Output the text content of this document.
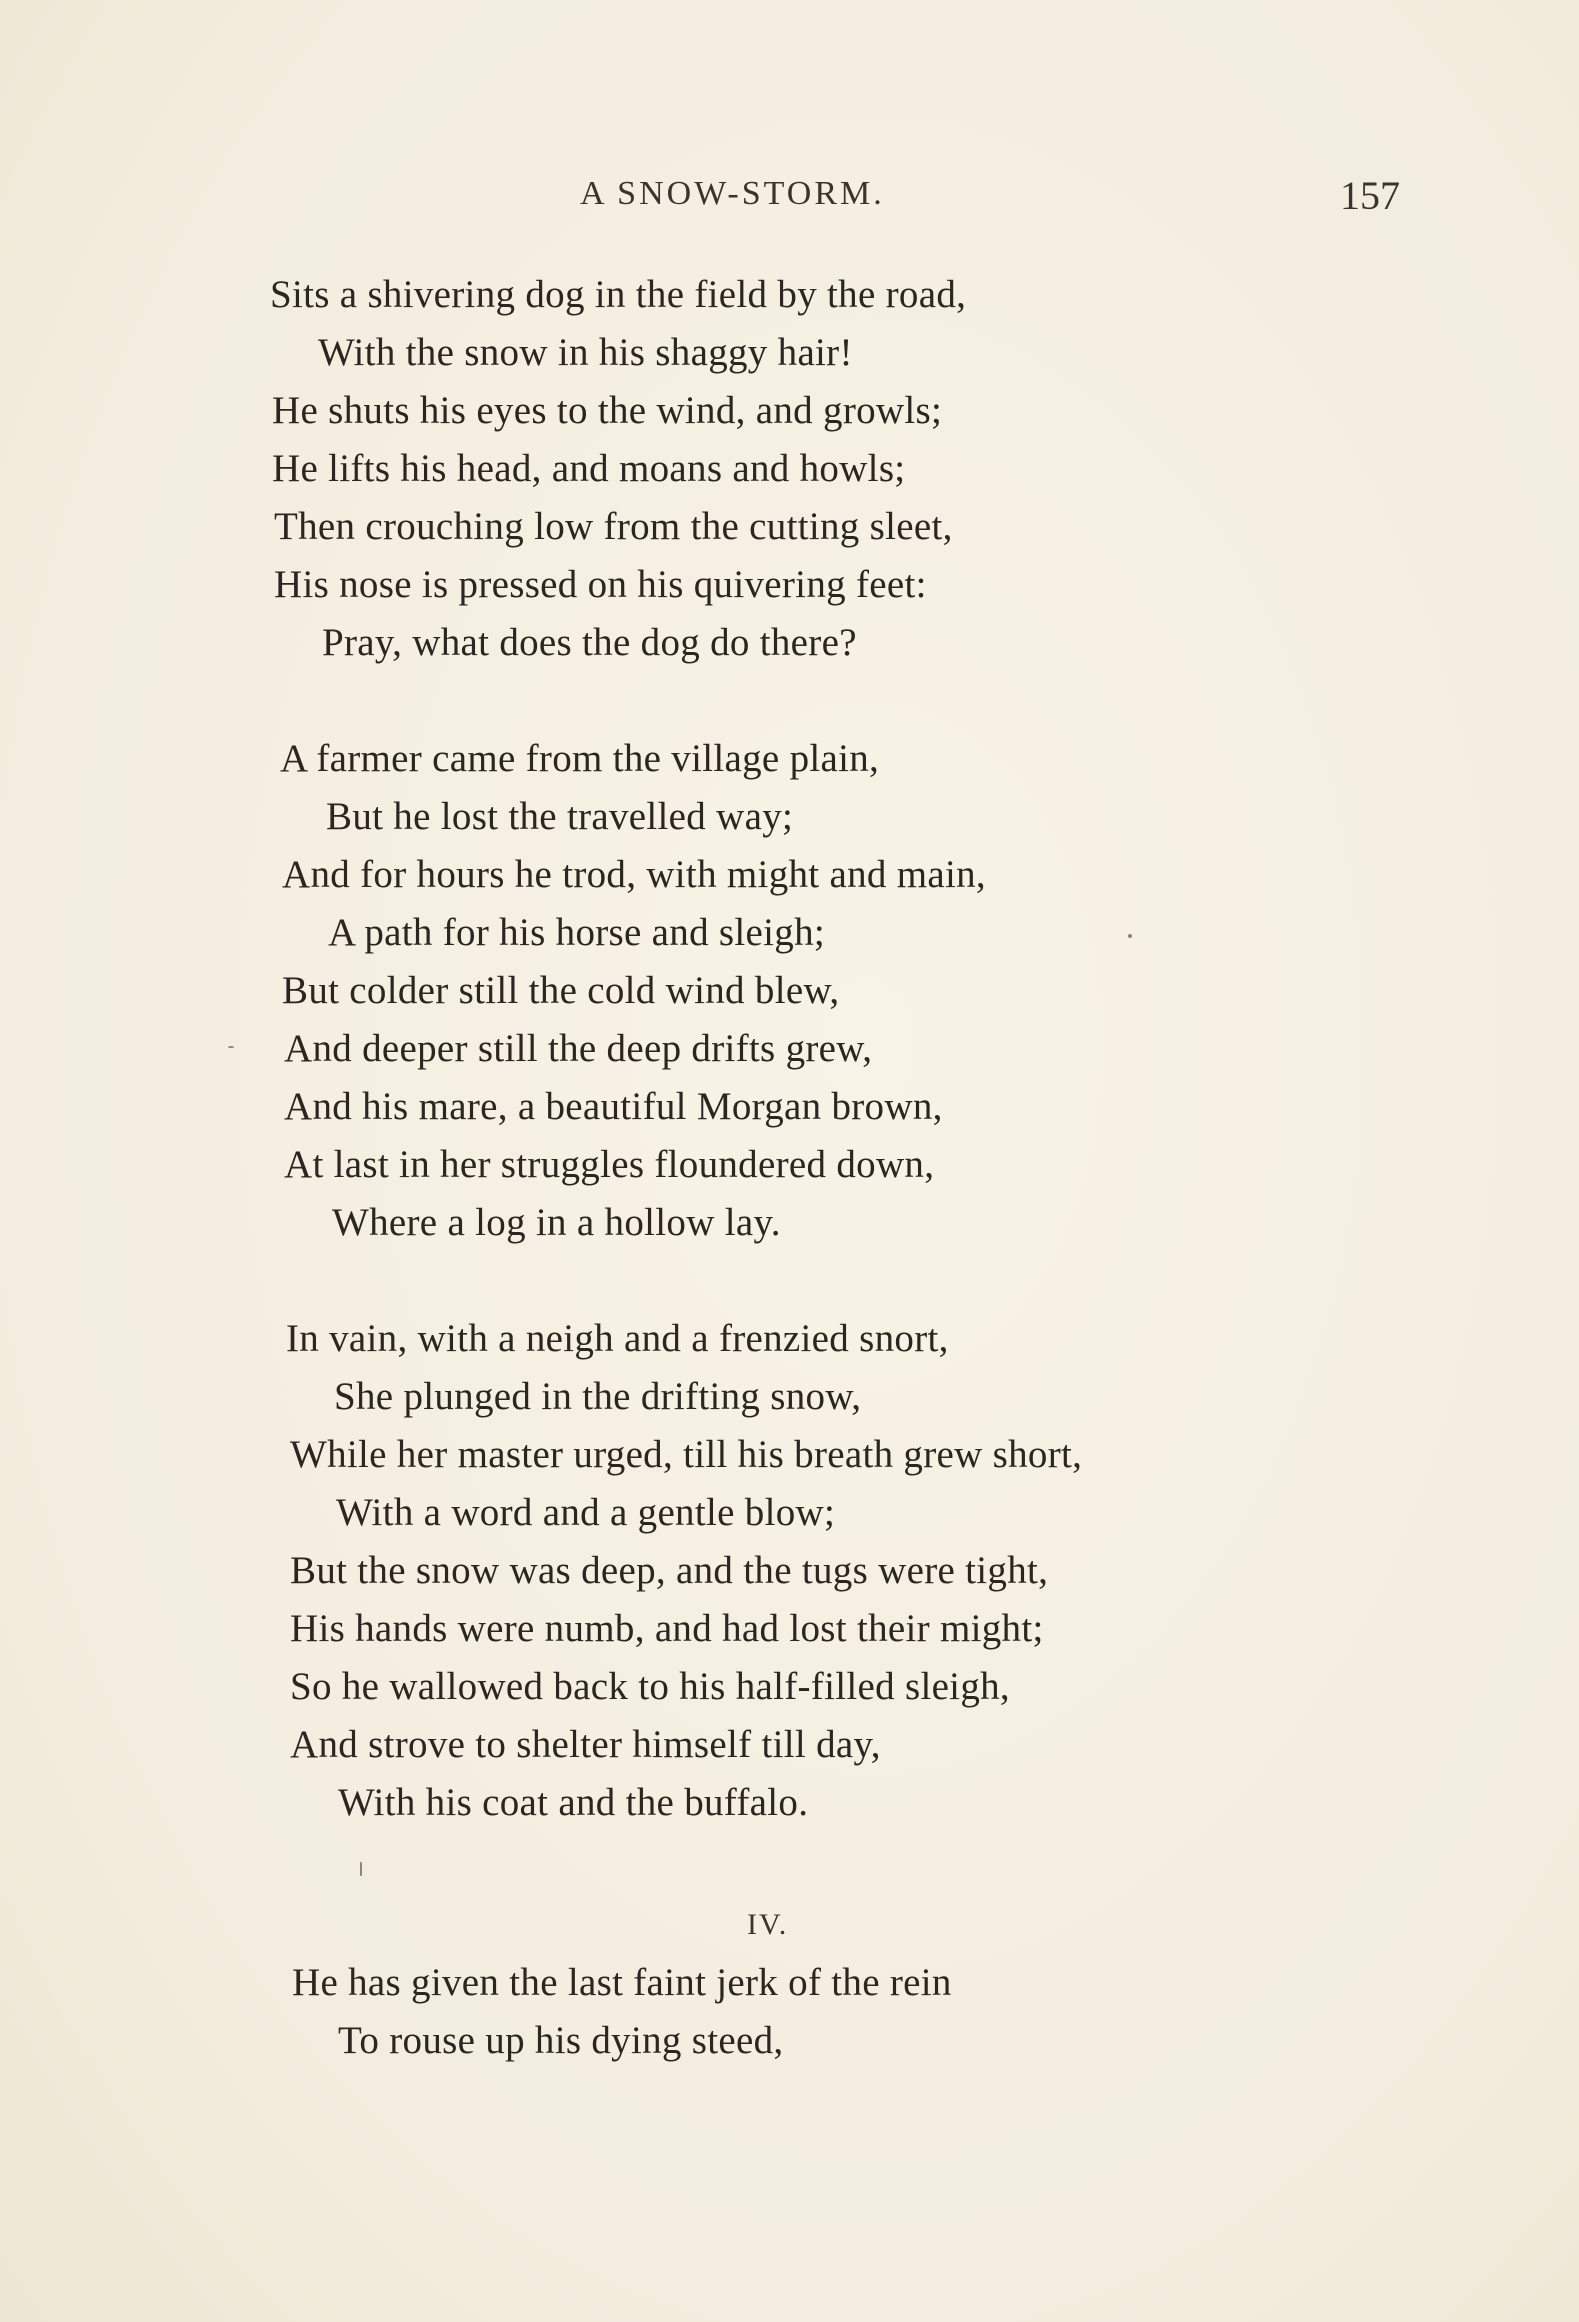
A SNOW-STORM.	157
Sits a shivering dog in the field by the road,
With the snow in his shaggy hair!
He shuts his eyes to the wind, and growls;
He lifts his head, and moans and howls;
Then crouching low from the cutting sleet,
His nose is pressed on his quivering feet:
Pray, what does the dog do there?
A farmer came from the village plain,
But he lost the travelled way;
And for hours he trod, with might and main,
A path for his horse and sleigh;
But colder still the cold wind blew,
And deeper still the deep drifts grew,
And his mare, a beautiful Morgan brown,
At last in her struggles floundered down,
Where a log in a hollow lay.
In vain, with a neigh and a frenzied snort,
She plunged in the drifting snow,
While her master urged, till his breath grew short,
With a word and a gentle blow;
But the snow was deep, and the tugs were tight,
His hands were numb, and had lost their might;
So he wallowed back to his half-filled sleigh,
And strove to shelter himself till day,
With his coat and the buffalo.
IV.
He has given the last faint jerk of the rein
To rouse up his dying steed,
